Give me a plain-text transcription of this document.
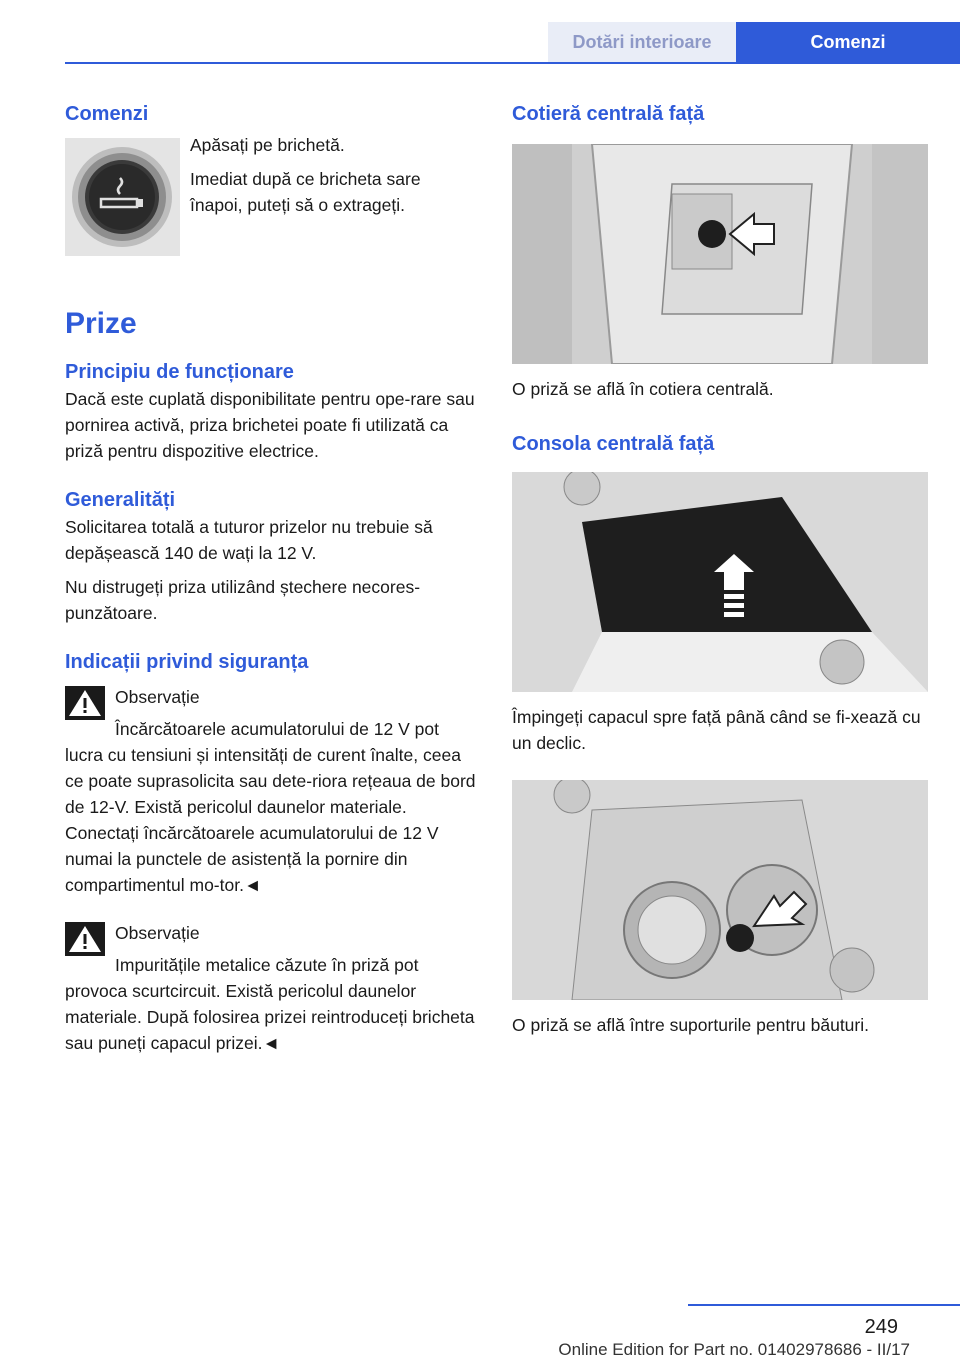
Dotări interioare	Comenzi
Comenzi

Apăsați pe brichetă.

Imediat după ce bricheta sare înapoi, puteți să o extrageți.

Prize
Principiu de funcționare

Dacă este cuplată disponibilitate pentru ope-rare sau pornirea activă, priza brichetei poate fi utilizată ca priză pentru dispozitive electrice.

Generalități

Solicitarea totală a tuturor prizelor nu trebuie să depășească 140 de wați la 12 V.

Nu distrugeți priza utilizând ștechere necores-punzătoare.

Indicații privind siguranța
Observație

Încărcătoarele acumulatorului de 12 V pot lucra cu tensiuni și intensități de curent înalte, ceea ce poate suprasolicita sau dete-riora rețeaua de bord de 12-V. Există pericolul daunelor materiale. Conectați încărcătoarele acumulatorului de 12 V numai la punctele de asistență la pornire din compartimentul mo-tor.◄

Observație

Impuritățile metalice căzute în priză pot provoca scurtcircuit. Există pericolul daunelor materiale. După folosirea prizei reintroduceți bricheta sau puneți capacul prizei.◄

Cotieră centrală față

O priză se află în cotiera centrală.

Consola centrală față

Împingeți capacul spre față până când se fi-xează cu un declic.

O priză se află între suporturile pentru băuturi.

249
Online Edition for Part no. 01402978686 - II/17
